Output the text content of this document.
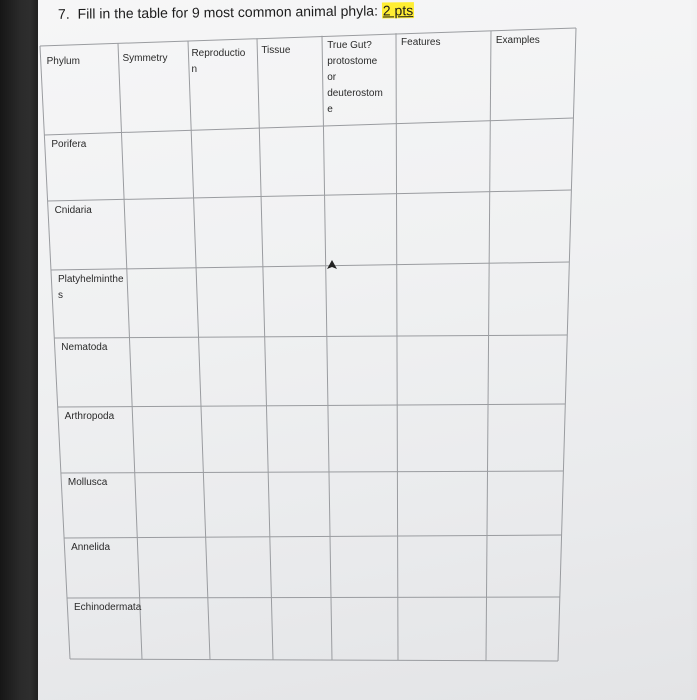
7. Fill in the table for 9 most common animal phyla: 2 pts
Phylum	Symmetry
Reproductio
n
Tissue
True Gut?
protostome
or
deuterostom
e
Features	Examples
Porifera
Cnidaria
Platyhelminthe
s
Nematoda
Arthropoda
Mollusca
Annelida
Echinodermata
